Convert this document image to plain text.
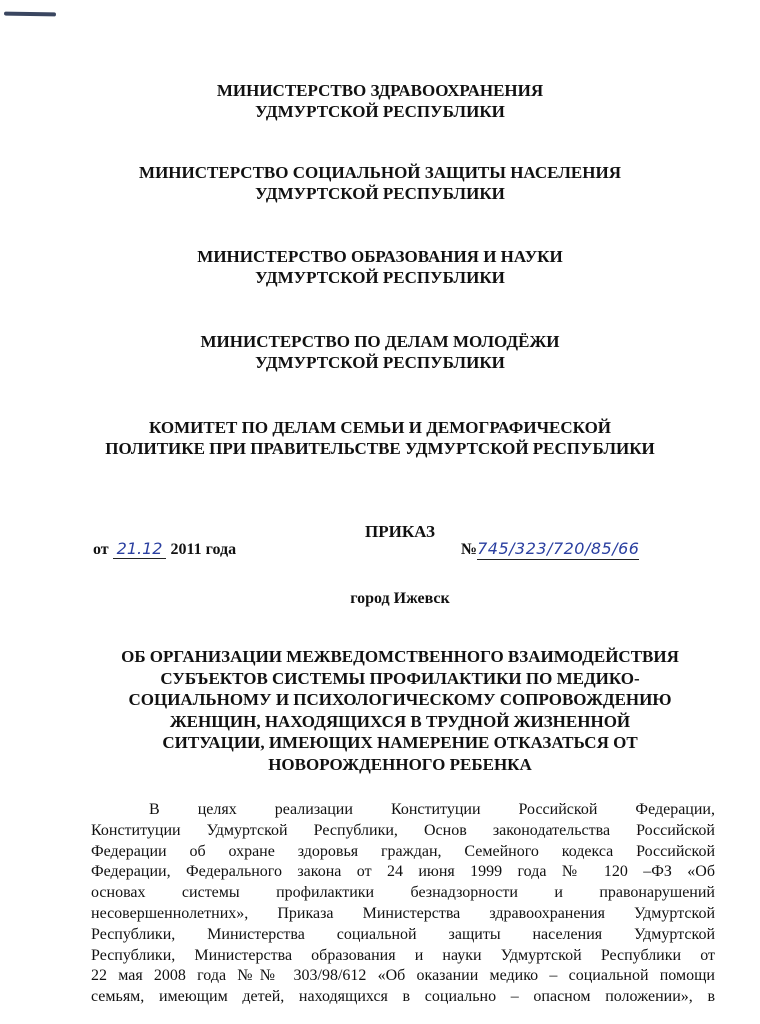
МИНИСТЕРСТВО ЗДРАВООХРАНЕНИЯ
УДМУРТСКОЙ РЕСПУБЛИКИ
МИНИСТЕРСТВО СОЦИАЛЬНОЙ ЗАЩИТЫ НАСЕЛЕНИЯ
УДМУРТСКОЙ РЕСПУБЛИКИ
МИНИСТЕРСТВО ОБРАЗОВАНИЯ И НАУКИ
УДМУРТСКОЙ РЕСПУБЛИКИ
МИНИСТЕРСТВО ПО ДЕЛАМ МОЛОДЁЖИ
УДМУРТСКОЙ РЕСПУБЛИКИ
КОМИТЕТ ПО ДЕЛАМ СЕМЬИ И ДЕМОГРАФИЧЕСКОЙ
ПОЛИТИКЕ ПРИ ПРАВИТЕЛЬСТВЕ УДМУРТСКОЙ РЕСПУБЛИКИ
ПРИКАЗ
от 21.12 2011 года	№745/323/720/85/66
город Ижевск
ОБ ОРГАНИЗАЦИИ МЕЖВЕДОМСТВЕННОГО ВЗАИМОДЕЙСТВИЯ
СУБЪЕКТОВ СИСТЕМЫ ПРОФИЛАКТИКИ ПО МЕДИКО-
СОЦИАЛЬНОМУ И ПСИХОЛОГИЧЕСКОМУ СОПРОВОЖДЕНИЮ
ЖЕНЩИН, НАХОДЯЩИХСЯ В ТРУДНОЙ ЖИЗНЕННОЙ
СИТУАЦИИ, ИМЕЮЩИХ НАМЕРЕНИЕ ОТКАЗАТЬСЯ ОТ
НОВОРОЖДЕННОГО РЕБЕНКА
В целях реализации Конституции Российской Федерации,
Конституции Удмуртской Республики, Основ законодательства Российской
Федерации об охране здоровья граждан, Семейного кодекса Российской
Федерации, Федерального закона от 24 июня 1999 года № 120 –ФЗ «Об
основах системы профилактики безнадзорности и правонарушений
несовершеннолетних», Приказа Министерства здравоохранения Удмуртской
Республики, Министерства социальной защиты населения Удмуртской
Республики, Министерства образования и науки Удмуртской Республики от
22 мая 2008 года №№ 303/98/612 «Об оказании медико – социальной помощи
семьям, имеющим детей, находящихся в социально – опасном положении», в
